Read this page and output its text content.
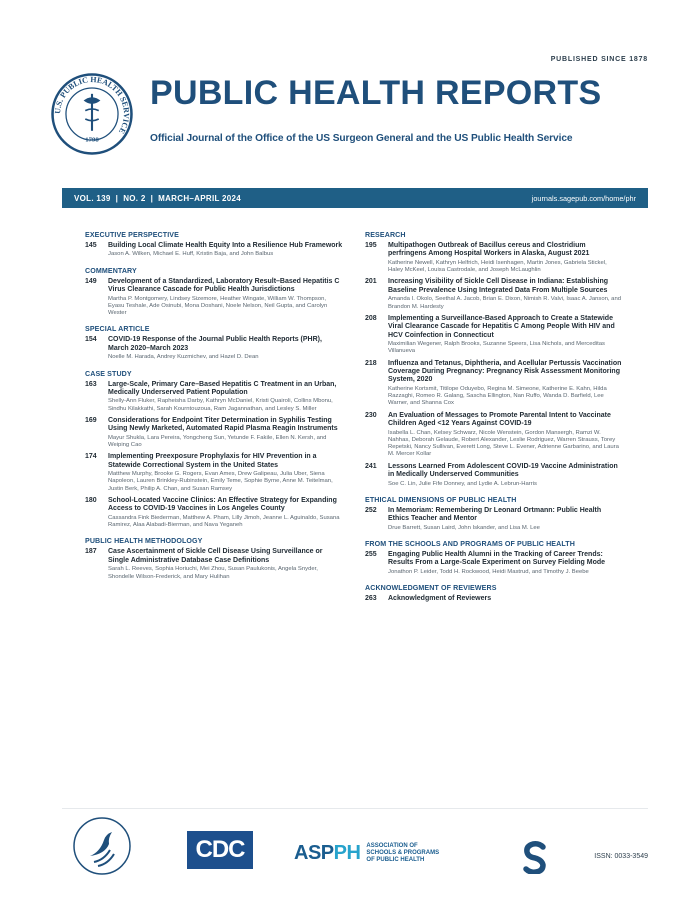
PUBLISHED SINCE 1878
U.S. PUBLIC HEALTH SERVICE
1798
PUBLIC HEALTH REPORTS
Official Journal of the Office of the US Surgeon General and the US Public Health Service
VOL. 139 | NO. 2 | MARCH–APRIL 2024	journals.sagepub.com/home/phr
EXECUTIVE PERSPECTIVE
145	Building Local Climate Health Equity Into a Resilience Hub Framework
Jason A. Wilken, Michael E. Huff, Kristin Baja, and John Balbus
COMMENTARY
149	Development of a Standardized, Laboratory Result–Based Hepatitis C Virus Clearance Cascade for Public Health Jurisdictions
Martha P. Montgomery, Lindsey Sizemore, Heather Wingate, William W. Thompson, Eyasu Teshale, Ade Osinubi, Mona Doshani, Noele Nelson, Neil Gupta, and Carolyn Wester
SPECIAL ARTICLE
154	COVID-19 Response of the Journal Public Health Reports (PHR), March 2020–March 2023
Noelle M. Harada, Andrey Kuzmichev, and Hazel D. Dean
CASE STUDY
163	Large-Scale, Primary Care–Based Hepatitis C Treatment in an Urban, Medically Underserved Patient Population
Shelly-Ann Fluker, Rapheisha Darby, Kathryn McDaniel, Kristi Quairoli, Collins Mbonu, Sindhu Kilakkathi, Sarah Kourntouzoua, Ram Jagannathan, and Lesley S. Miller
169	Considerations for Endpoint Titer Determination in Syphilis Testing Using Newly Marketed, Automated Rapid Plasma Reagin Instruments
Mayur Shukla, Lara Pereira, Yongcheng Sun, Yetunde F. Fakile, Ellen N. Kersh, and Weiping Cao
174	Implementing Preexposure Prophylaxis for HIV Prevention in a Statewide Correctional System in the United States
Matthew Murphy, Brooke G. Rogers, Evan Ames, Drew Galipeau, Julia Uber, Siena Napoleon, Lauren Brinkley-Rubinstein, Emily Teme, Sophie Byrne, Anne M. Teitelman, Justin Berk, Philip A. Chan, and Susan Ramsey
180	School-Located Vaccine Clinics: An Effective Strategy for Expanding Access to COVID-19 Vaccines in Los Angeles County
Cassandra Fink Biederman, Matthew A. Pham, Lilly Jimoh, Jeanne L. Aguinaldo, Susana Ramirez, Alaa Alabadi-Bierman, and Nava Yeganeh
PUBLIC HEALTH METHODOLOGY
187	Case Ascertainment of Sickle Cell Disease Using Surveillance or Single Administrative Database Case Definitions
Sarah L. Reeves, Sophia Horiuchi, Mei Zhou, Susan Paulukonis, Angela Snyder, Shondelle Wilson-Frederick, and Mary Hulihan
RESEARCH
195	Multipathogen Outbreak of Bacillus cereus and Clostridium perfringens Among Hospital Workers in Alaska, August 2021
Katherine Newell, Kathryn Helfrich, Heidi Isenhagen, Martin Jones, Gabriela Stickel, Haley McKeel, Louisa Castrodale, and Joseph McLaughlin
201	Increasing Visibility of Sickle Cell Disease in Indiana: Establishing Baseline Prevalence Using Integrated Data From Multiple Sources
Amanda I. Okolo, Seethal A. Jacob, Brian E. Dixon, Nimish R. Valvi, Isaac A. Janson, and Brandon M. Hardesty
208	Implementing a Surveillance-Based Approach to Create a Statewide Viral Clearance Cascade for Hepatitis C Among People With HIV and HCV Coinfection in Connecticut
Maximilian Wegener, Ralph Brooks, Suzanne Speers, Lisa Nichols, and Merceditas Villanueva
218	Influenza and Tetanus, Diphtheria, and Acellular Pertussis Vaccination Coverage During Pregnancy: Pregnancy Risk Assessment Monitoring System, 2020
Katherine Kortsmit, Titilope Oduyebo, Regina M. Simeone, Katherine E. Kahn, Hilda Razzaghi, Romeo R. Galang, Sascha Ellington, Nan Ruffo, Wanda D. Barfield, Lee Warner, and Shanna Cox
230	An Evaluation of Messages to Promote Parental Intent to Vaccinate Children Aged <12 Years Against COVID-19
Isabella L. Chan, Kelsey Schwarz, Nicole Wenstein, Gordon Mansergh, Ramzi W. Nahhas, Deborah Gelaude, Robert Alexander, Leslie Rodriguez, Warren Strauss, Torey Repetski, Nancy Sullivan, Everett Long, Steve L. Evener, Adrienne Garbarino, and Laura M. Mercer Kollar
241	Lessons Learned From Adolescent COVID-19 Vaccine Administration in Medically Underserved Communities
Soe C. Lin, Julie Fife Donney, and Lydie A. Lebrun-Harris
ETHICAL DIMENSIONS OF PUBLIC HEALTH
252	In Memoriam: Remembering Dr Leonard Ortmann: Public Health Ethics Teacher and Mentor
Drue Barrett, Susan Laird, John Iskander, and Lisa M. Lee
FROM THE SCHOOLS AND PROGRAMS OF PUBLIC HEALTH
255	Engaging Public Health Alumni in the Tracking of Career Trends: Results From a Large-Scale Experiment on Survey Fielding Mode
Jonathon P. Leider, Todd H. Rockwood, Heidi Mastrud, and Timothy J. Beebe
ACKNOWLEDGMENT OF REVIEWERS
263	Acknowledgment of Reviewers
CDC	ASPPH ASSOCIATION OF
SCHOOLS & PROGRAMS
OF PUBLIC HEALTH	ISSN: 0033-3549
